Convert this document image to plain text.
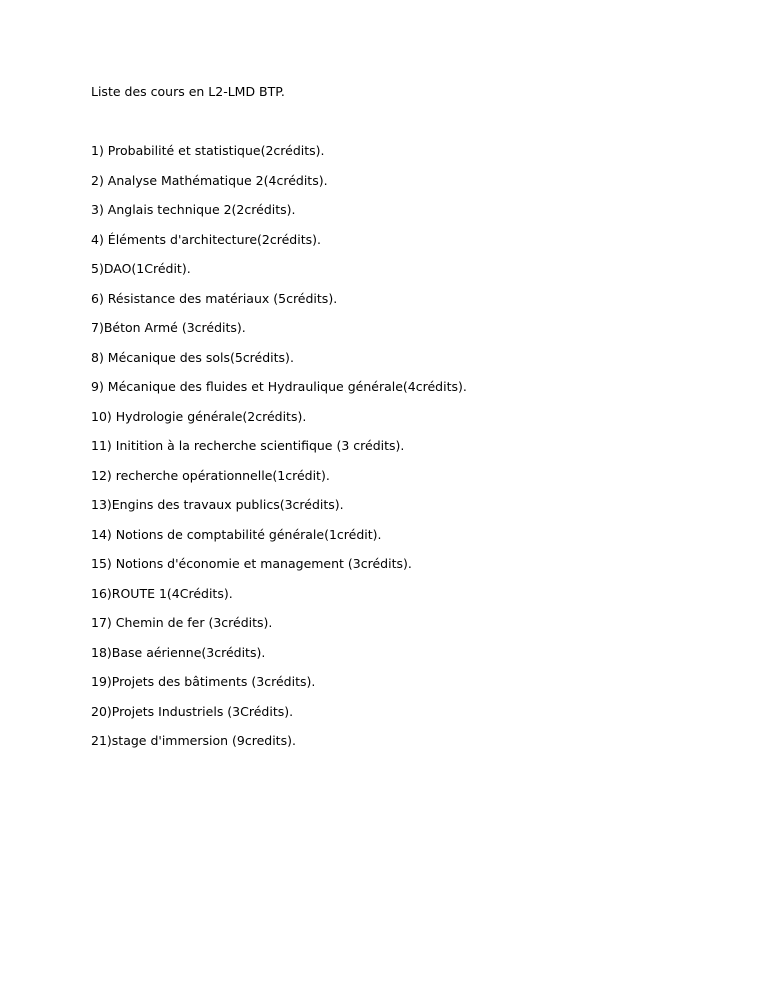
Liste des cours en L2-LMD BTP.
1) Probabilité et statistique(2crédits).
2) Analyse Mathématique 2(4crédits).
3) Anglais technique 2(2crédits).
4) Éléments d'architecture(2crédits).
5)DAO(1Crédit).
6) Résistance des matériaux (5crédits).
7)Béton Armé (3crédits).
8) Mécanique des sols(5crédits).
9) Mécanique des fluides et Hydraulique générale(4crédits).
10) Hydrologie générale(2crédits).
11) Initition à la recherche scientifique (3 crédits).
12) recherche opérationnelle(1crédit).
13)Engins des travaux publics(3crédits).
14) Notions de comptabilité générale(1crédit).
15) Notions d'économie et management (3crédits).
16)ROUTE 1(4Crédits).
17) Chemin de fer (3crédits).
18)Base aérienne(3crédits).
19)Projets des bâtiments (3crédits).
20)Projets Industriels (3Crédits).
21)stage d'immersion (9credits).
